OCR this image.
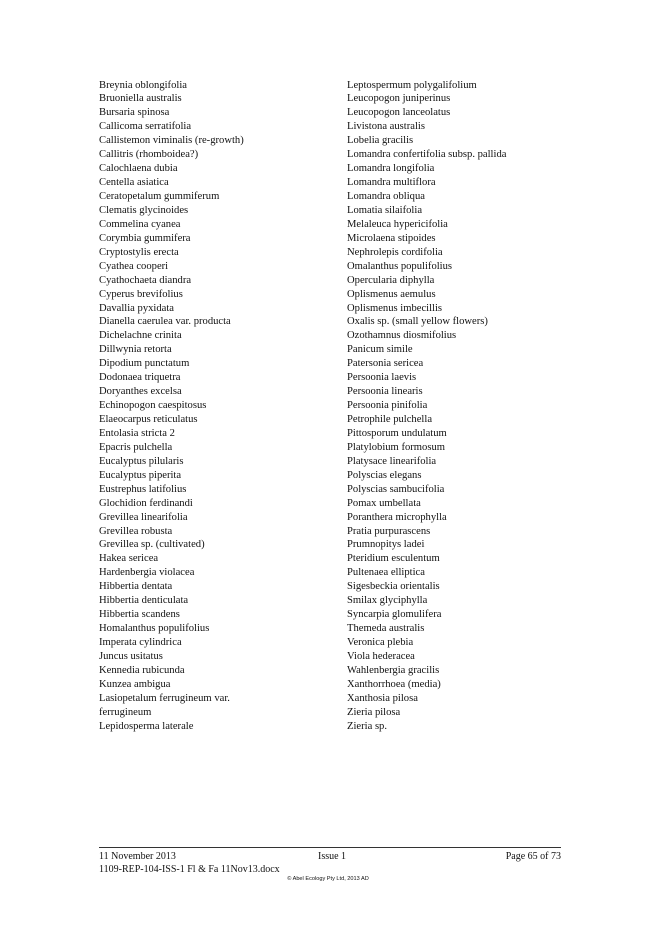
Breynia oblongifolia
Bruoniella australis
Bursaria spinosa
Callicoma serratifolia
Callistemon viminalis (re-growth)
Callitris (rhomboidea?)
Calochlaena dubia
Centella asiatica
Ceratopetalum gummiferum
Clematis glycinoides
Commelina cyanea
Corymbia gummifera
Cryptostylis erecta
Cyathea cooperi
Cyathochaeta diandra
Cyperus brevifolius
Davallia pyxidata
Dianella caerulea var. producta
Dichelachne crinita
Dillwynia retorta
Dipodium punctatum
Dodonaea triquetra
Doryanthes excelsa
Echinopogon caespitosus
Elaeocarpus reticulatus
Entolasia stricta 2
Epacris pulchella
Eucalyptus pilularis
Eucalyptus piperita
Eustrephus latifolius
Glochidion ferdinandi
Grevillea linearifolia
Grevillea robusta
Grevillea sp. (cultivated)
Hakea sericea
Hardenbergia violacea
Hibbertia dentata
Hibbertia denticulata
Hibbertia scandens
Homalanthus populifolius
Imperata cylindrica
Juncus usitatus
Kennedia rubicunda
Kunzea ambigua
Lasiopetalum ferrugineum var.
ferrugineum
Lepidosperma laterale
Leptospermum polygalifolium
Leucopogon juniperinus
Leucopogon lanceolatus
Livistona australis
Lobelia gracilis
Lomandra confertifolia subsp. pallida
Lomandra longifolia
Lomandra multiflora
Lomandra obliqua
Lomatia silaifolia
Melaleuca hypericifolia
Microlaena stipoides
Nephrolepis cordifolia
Omalanthus populifolius
Opercularia diphylla
Oplismenus aemulus
Oplismenus imbecillis
Oxalis sp. (small yellow flowers)
Ozothamnus diosmifolius
Panicum simile
Patersonia sericea
Persoonia laevis
Persoonia linearis
Persoonia pinifolia
Petrophile pulchella
Pittosporum undulatum
Platylobium formosum
Platysace linearifolia
Polyscias elegans
Polyscias sambucifolia
Pomax umbellata
Poranthera microphylla
Pratia purpurascens
Prumnopitys ladei
Pteridium esculentum
Pultenaea elliptica
Sigesbeckia orientalis
Smilax glyciphylla
Syncarpia glomulifera
Themeda australis
Veronica plebia
Viola hederacea
Wahlenbergia gracilis
Xanthorrhoea (media)
Xanthosia pilosa
Zieria pilosa
Zieria sp.
11 November 2013	Issue 1	Page 65 of 73
1109-REP-104-ISS-1 Fl & Fa 11Nov13.docx
© Abel Ecology Pty Ltd, 2013 AD
